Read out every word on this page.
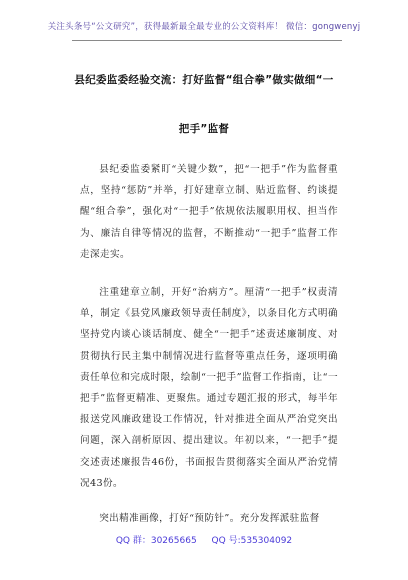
关注头条号“公文研究”，获得最新最全最专业的公文资料库！ 微信：gongwenyj
县纪委监委经验交流：打好监督“组合拳”做实做细“一
把手”监督

县纪委监委紧盯“关键少数”，把“一把手”作为监督重点，坚持“惩防”并举，打好建章立制、贴近监督、约谈提醒“组合拳”，强化对“一把手”依规依法履职用权、担当作为、廉洁自律等情况的监督，不断推动“一把手”监督工作走深走实。

注重建章立制，开好“治病方”。厘清“一把手”权责清单，制定《县党风廉政领导责任制度》，以条目化方式明确坚持党内谈心谈话制度、健全“一把手”述责述廉制度、对贯彻执行民主集中制情况进行监督等重点任务，逐项明确责任单位和完成时限，绘制“一把手”监督工作指南，让“一把手”监督更精准、更聚焦。通过专题汇报的形式，每半年报送党风廉政建设工作情况，针对推进全面从严治党突出问题，深入剖析原因、提出建议。年初以来，“一把手”提交述责述廉报告46份，书面报告贯彻落实全面从严治党情况43份。

突出精准画像，打好“预防针”。充分发挥派驻监督

QQ 群：30265665 QQ 号:535304092
